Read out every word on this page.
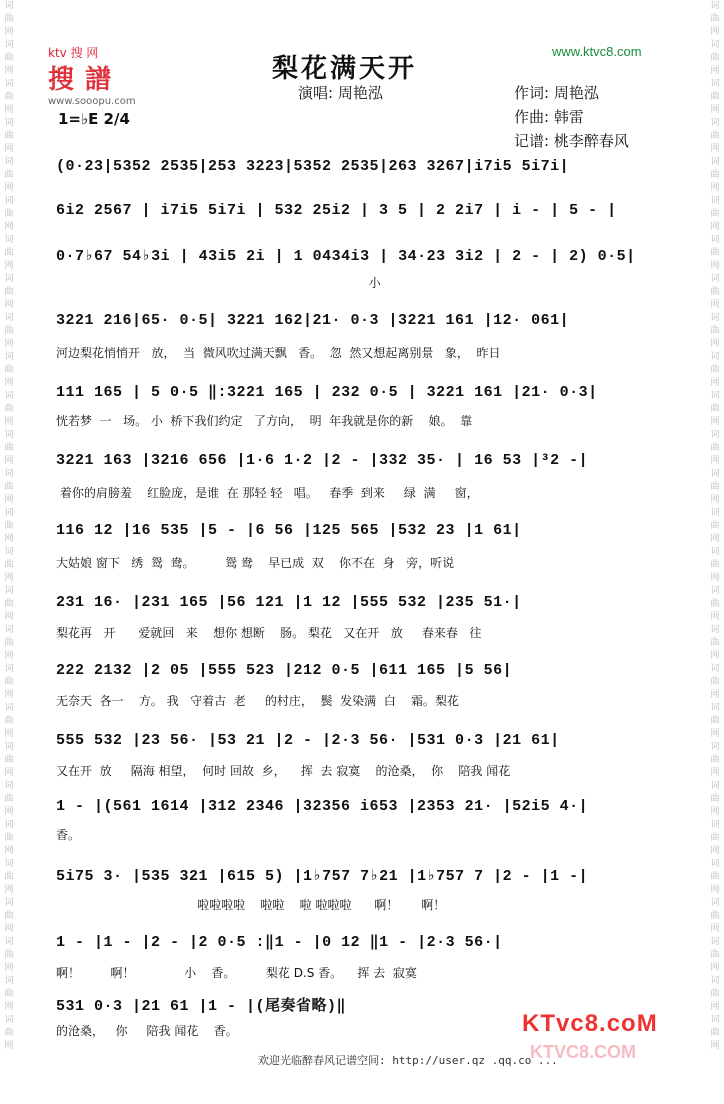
词曲网词曲网词曲网词曲网词曲网词曲网词曲网词曲网词曲网词曲网词曲网词曲网词曲网词曲网词曲网词曲网词曲网词曲网词曲网词曲网词曲网词曲网词曲网词曲网词曲网词曲网词曲网
词曲网词曲网词曲网词曲网词曲网词曲网词曲网词曲网词曲网词曲网词曲网词曲网词曲网词曲网词曲网词曲网词曲网词曲网词曲网词曲网词曲网词曲网词曲网词曲网词曲网词曲网词曲网
ktv 搜 网
搜 譜
www.sooopu.com
梨花满天开
演唱: 周艳泓
www.ktvc8.com
1=♭E 2/4
作词: 周艳泓
作曲: 韩雷
记谱: 桃李醉春风
(0·23|5352 2535|253 3223|5352 2535|263 3267|i7i5 5i7i|
6i2 2567 | i7i5 5i7i | 532 25i2 | 3 5 | 2 2i7 | i - | 5 - |
0·7♭67 54♭3i | 43i5 2i | 1 0434i3 | 34·23 3i2 | 2 - | 2) 0·5|
小
3221 216|65· 0·5| 3221 162|21· 0·3 |3221 161 |12· 061|
河边梨花悄悄开   放，  当  微风吹过满天飘   香。  忽  然又想起离别景   象，  昨日
111 165 | 5 0·5 ‖:3221 165 | 232 0·5 | 3221 161 |21· 0·3|
恍若梦  一   场。 小  桥下我们约定   了方向，  明  年我就是你的新    娘。  靠
3221 163 |3216 656 |1·6 1·2 |2 - |332 35· | 16 53 |³2 -|
着你的肩膀羞    红脸庞，是谁  在 那轻 轻   唱。   春季  到来     绿  满     窗，
116 12 |16 535 |5 - |6 56 |125 565 |532 23 |1 61|
大姑娘 窗下   绣  鸳  鸯。        鸳 鸯    早已成  双    你不在  身   旁，听说
231 16· |231 165 |56 121 |1 12 |555 532 |235 51·|
梨花再   开      爱就回   来    想你 想断    肠。 梨花   又在开   放     春来春   往
222 2132 |2 05 |555 523 |212 0·5 |611 165 |5 56|
无奈天  各一    方。 我   守着古  老     的村庄，  鬓  发染满  白    霜。梨花
555 532 |23 56· |53 21 |2 - |2·3 56· |531 0·3 |21 61|
又在开  放     隔海 相望，  何时 回故  乡，    挥  去 寂寞    的沧桑，  你    陪我 闻花
1 - |(561 1614 |312 2346 |32356 i653 |2353 21· |52i5 4·|
香。
5i75 3· |535 321 |615 5) |1♭757 7♭21 |1♭757 7 |2 - |1 -|
啦啦啦啦    啦啦    啦 啦啦啦      啊！      啊！
1 - |1 - |2 - |2 0·5 :‖1 - |0 12 ‖1 - |2·3 56·|
啊！        啊！             小    香。        梨花 D.S 香。    挥 去  寂寞
531 0·3 |21 61 |1 - |(尾奏省略)‖
的沧桑，   你     陪我 闻花    香。
欢迎光临醉春风记谱空间: http://user.qz .qq.co ...
KTvc8.coM
KTVC8.COM
